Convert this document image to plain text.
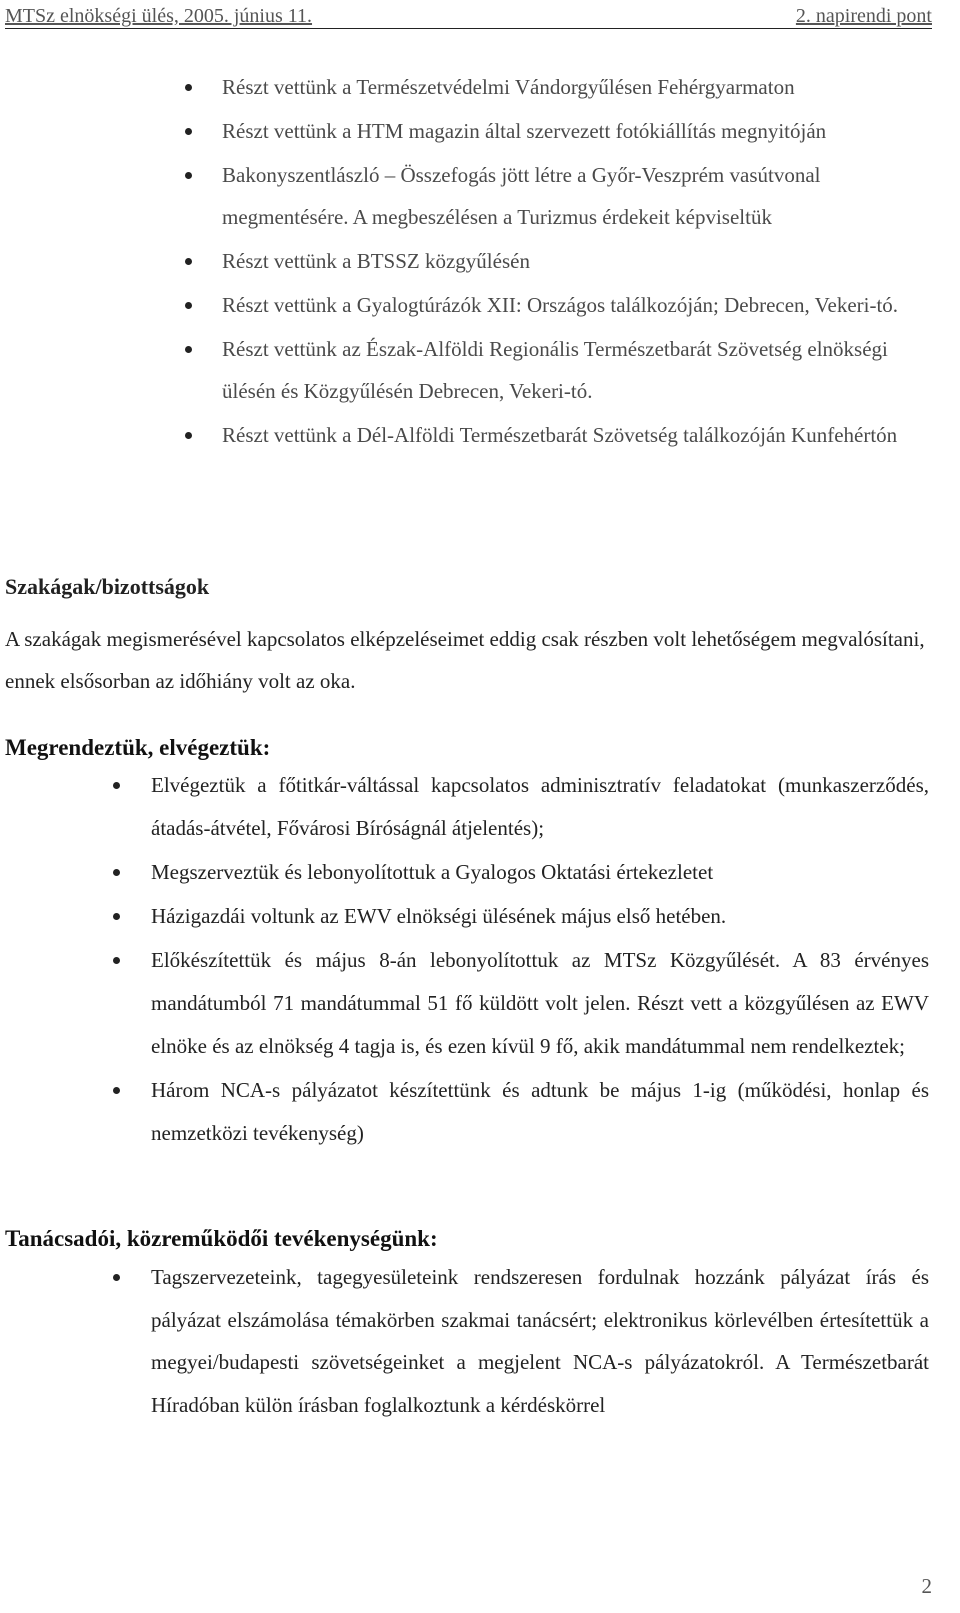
MTSz elnökségi ülés, 2005. június 11.	2. napirendi pont
Részt vettünk a Természetvédelmi Vándorgyűlésen Fehérgyarmaton
Részt vettünk a HTM magazin által szervezett fotókiállítás megnyitóján
Bakonyszentlászló – Összefogás jött létre a Győr-Veszprém vasútvonal megmentésére. A megbeszélésen a Turizmus érdekeit képviseltük
Részt vettünk a BTSSZ közgyűlésén
Részt vettünk a Gyalogtúrázók XII: Országos találkozóján; Debrecen, Vekeri-tó.
Részt vettünk az Észak-Alföldi Regionális Természetbarát Szövetség elnökségi ülésén és Közgyűlésén Debrecen, Vekeri-tó.
Részt vettünk a Dél-Alföldi Természetbarát Szövetség találkozóján Kunfehértón
Szakágak/bizottságok
A szakágak megismerésével kapcsolatos elképzeléseimet eddig csak részben volt lehetőségem megvalósítani, ennek elsősorban az időhiány volt az oka.
Megrendeztük, elvégeztük:
Elvégeztük a főtitkár-váltással kapcsolatos adminisztratív feladatokat (munkaszerződés, átadás-átvétel, Fővárosi Bíróságnál átjelentés);
Megszerveztük és lebonyolítottuk a Gyalogos Oktatási értekezletet
Házigazdái voltunk az EWV elnökségi ülésének május első hetében.
Előkészítettük és május 8-án lebonyolítottuk az MTSz Közgyűlését. A 83 érvényes mandátumból 71 mandátummal 51 fő küldött volt jelen. Részt vett a közgyűlésen az EWV elnöke és az elnökség 4 tagja is, és ezen kívül 9 fő, akik mandátummal nem rendelkeztek;
Három NCA-s pályázatot készítettünk és adtunk be május 1-ig (működési, honlap és nemzetközi tevékenység)
Tanácsadói, közreműködői tevékenységünk:
Tagszervezeteink, tagegyesületeink rendszeresen fordulnak hozzánk pályázat írás és pályázat elszámolása témakörben szakmai tanácsért; elektronikus körlevélben értesítettük a megyei/budapesti szövetségeinket a megjelent NCA-s pályázatokról. A Természetbarát Híradóban külön írásban foglalkoztunk a kérdéskörrel
2
